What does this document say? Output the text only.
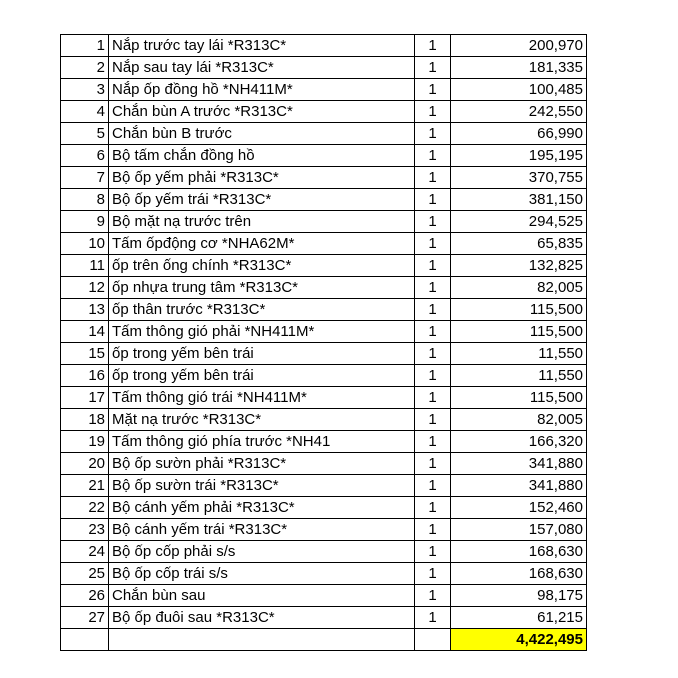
1	Nắp trước tay lái *R313C*	1	200,970
2	Nắp sau tay lái *R313C*	1	181,335
3	Nắp ốp đồng hồ *NH411M*	1	100,485
4	Chắn bùn A trước *R313C*	1	242,550
5	Chắn bùn B trước	1	66,990
6	Bộ tấm chắn đồng hồ	1	195,195
7	Bộ ốp yếm phải *R313C*	1	370,755
8	Bộ ốp yếm trái *R313C*	1	381,150
9	Bộ mặt nạ trước trên	1	294,525
10	Tấm ốpđộng cơ *NHA62M*	1	65,835
11	ốp trên ống chính *R313C*	1	132,825
12	ốp nhựa trung tâm *R313C*	1	82,005
13	ốp thân trước *R313C*	1	115,500
14	Tấm thông gió phải *NH411M*	1	115,500
15	ốp trong yếm bên trái	1	11,550
16	ốp trong yếm bên trái	1	11,550
17	Tấm thông gió trái *NH411M*	1	115,500
18	Mặt nạ trước *R313C*	1	82,005
19	Tấm thông gió phía trước *NH41	1	166,320
20	Bộ ốp sườn phải *R313C*	1	341,880
21	Bộ ốp sườn trái *R313C*	1	341,880
22	Bộ cánh yếm phải *R313C*	1	152,460
23	Bộ cánh yếm trái *R313C*	1	157,080
24	Bộ ốp cốp phải s/s	1	168,630
25	Bộ ốp cốp trái s/s	1	168,630
26	Chắn bùn sau	1	98,175
27	Bộ ốp đuôi sau *R313C*	1	61,215
			4,422,495
